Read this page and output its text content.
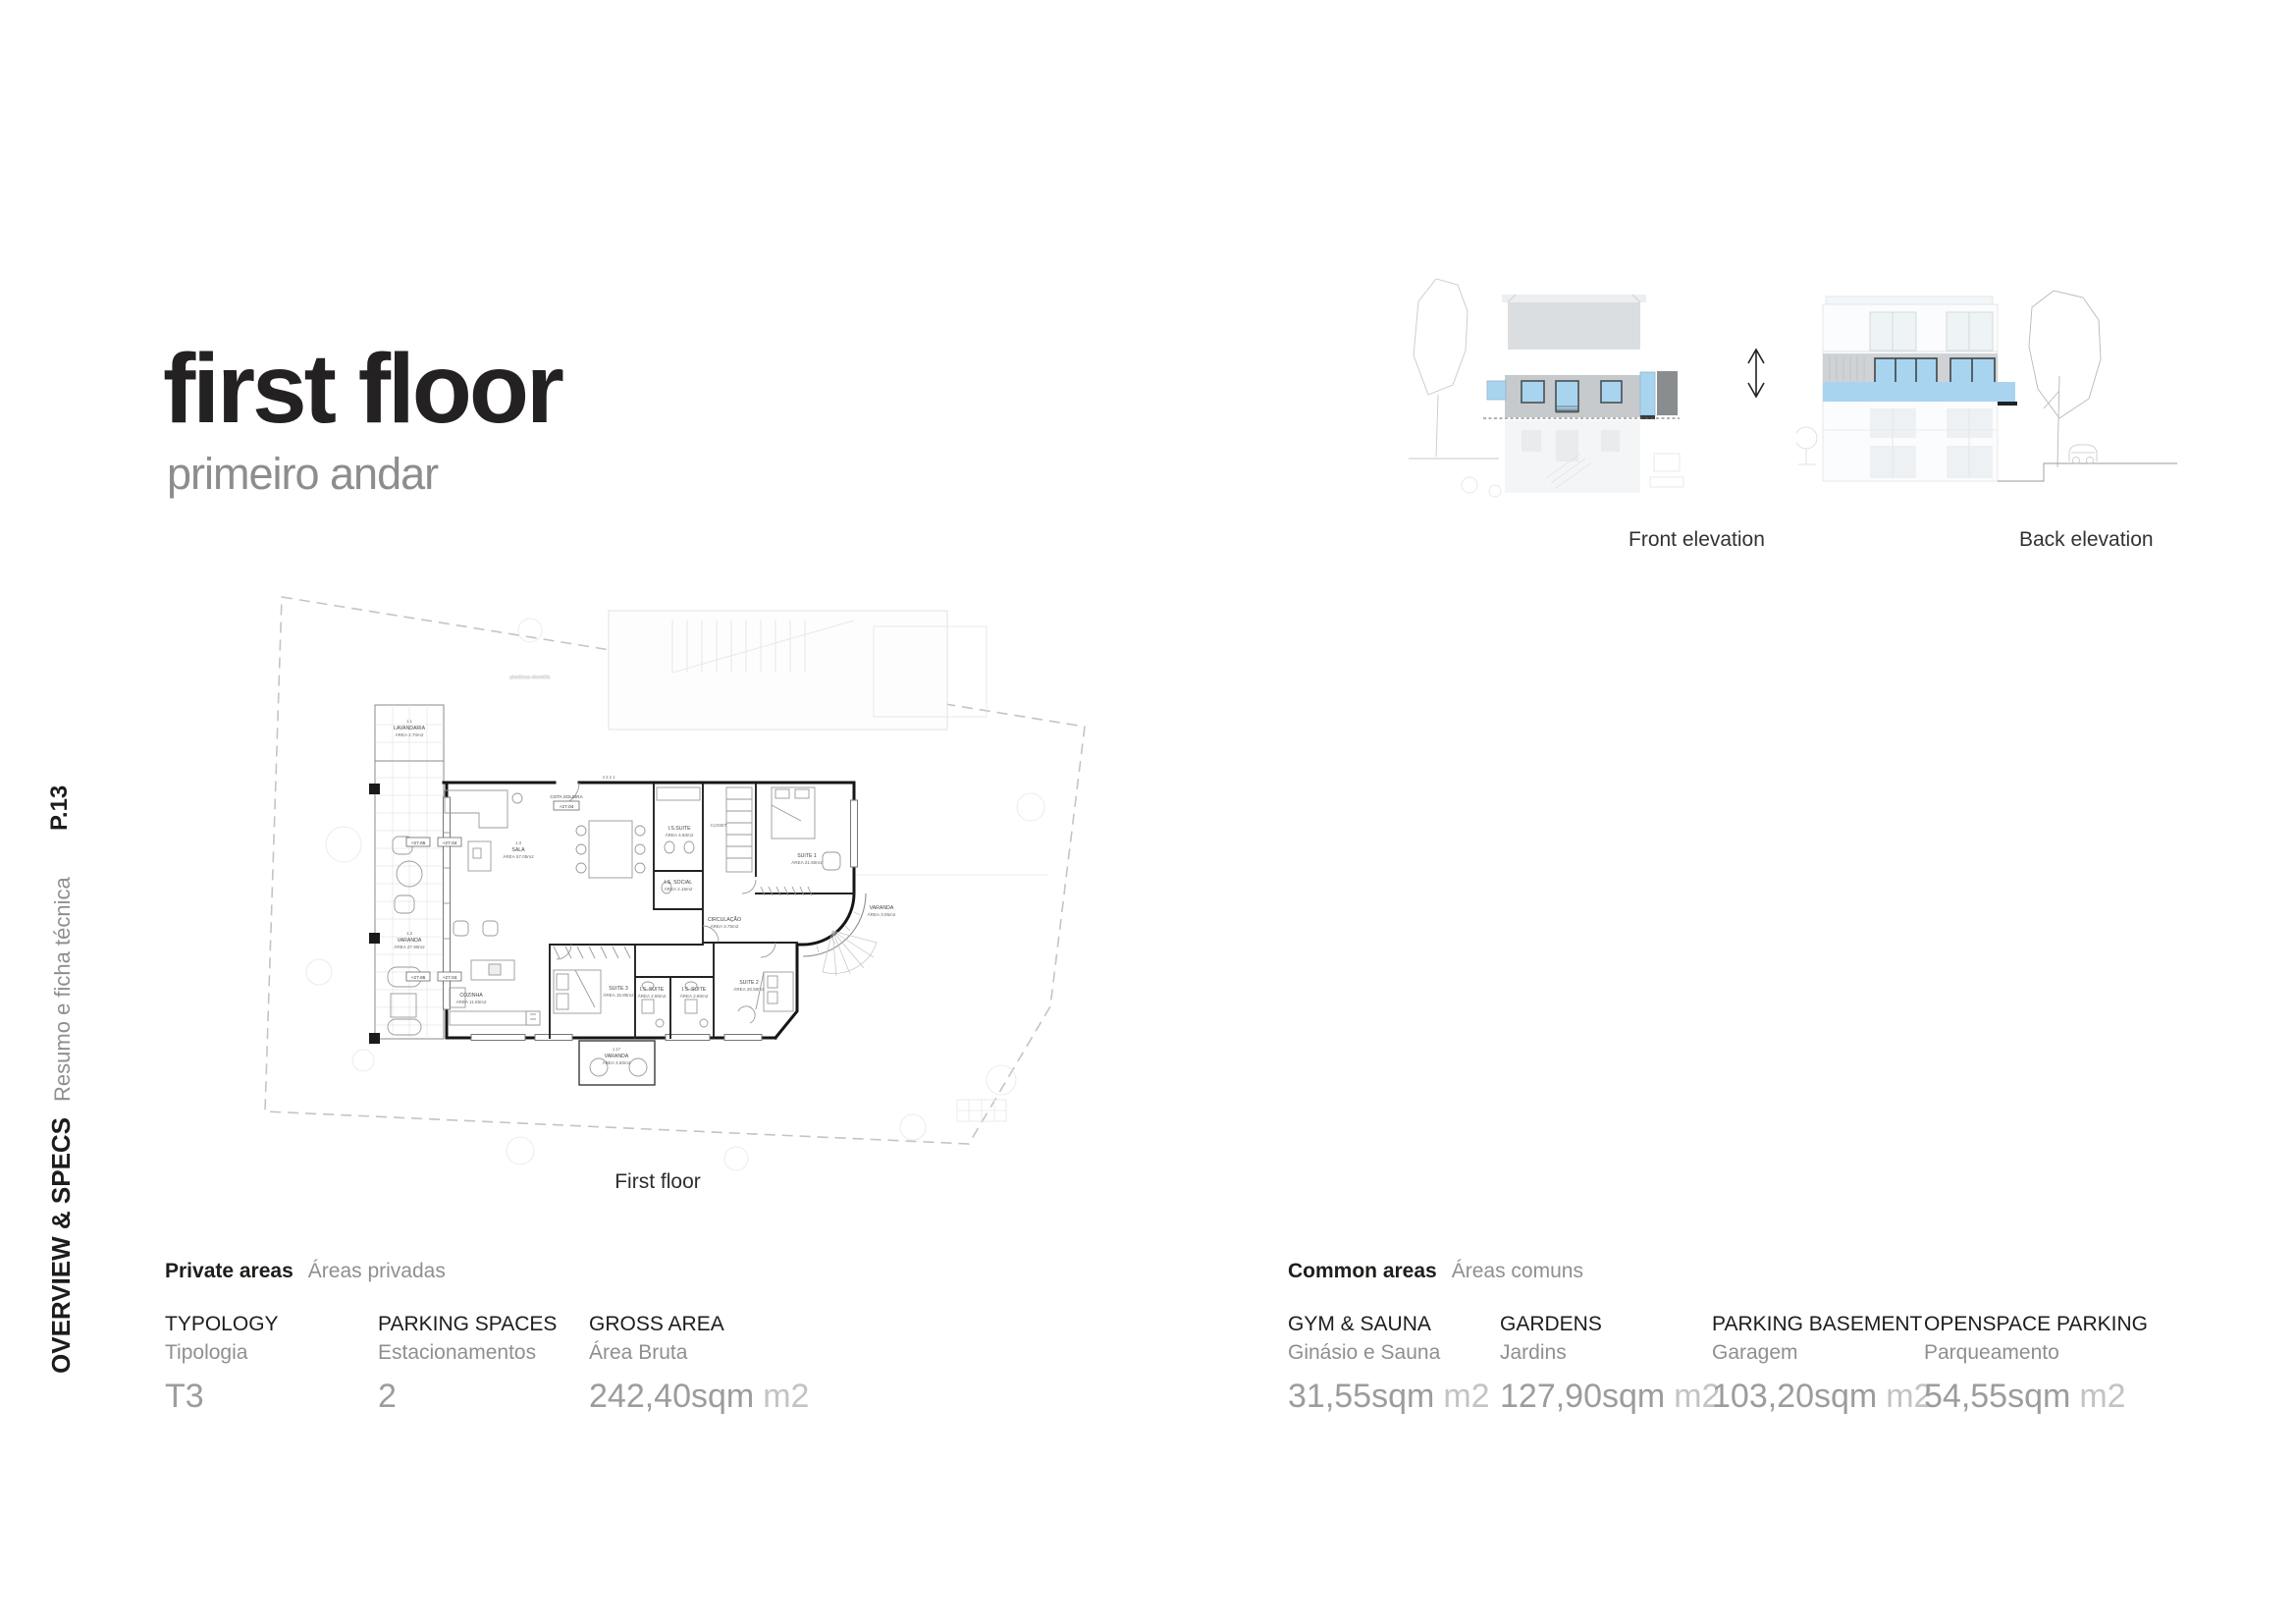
first floor
primeiro andar
P.13
OVERVIEW & SPECSResumo e ficha técnica
plataforma elevatória
+27.65	+27.04
+27.65	+27.04
4 3 2 1
COTA SOLEIRA
+27.04
1.1
LAVANDARIA
ÁREA 2.70m2
1.2
VARANDA
ÁREA 27.90m2
1.3
SALA
ÁREA 57.05m2
COZINHA
ÁREA 11.65m2
SUITE 3
ÁREA 15.85m2
I.S. SUITE
ÁREA 2.80m2
I.S. SUITE
ÁREA 2.80m2
SUITE 2
ÁREA 20.50m2
SUITE 1
ÁREA 21.50m2
I.S.SUITE
ÁREA 4.60m2
I.S. SOCIAL
ÁREA 2.15m2
CIRCULAÇÃO
ÁREA 3.75m2
VARANDA
ÁREA 3.05m2
1.17
VARANDA
ÁREA 4.50m2
CLOSET
First floor
Front elevation	Back elevation
Private areas Áreas privadas
TYPOLOGY
Tipologia
T3
PARKING SPACES
Estacionamentos
2
GROSS AREA
Área Bruta
242,40sqm m2
Common areas Áreas comuns
GYM & SAUNA
Ginásio e Sauna
31,55sqm m2
GARDENS
Jardins
127,90sqm m2
PARKING BASEMENT
Garagem
103,20sqm m2
OPENSPACE PARKING
Parqueamento
54,55sqm m2
